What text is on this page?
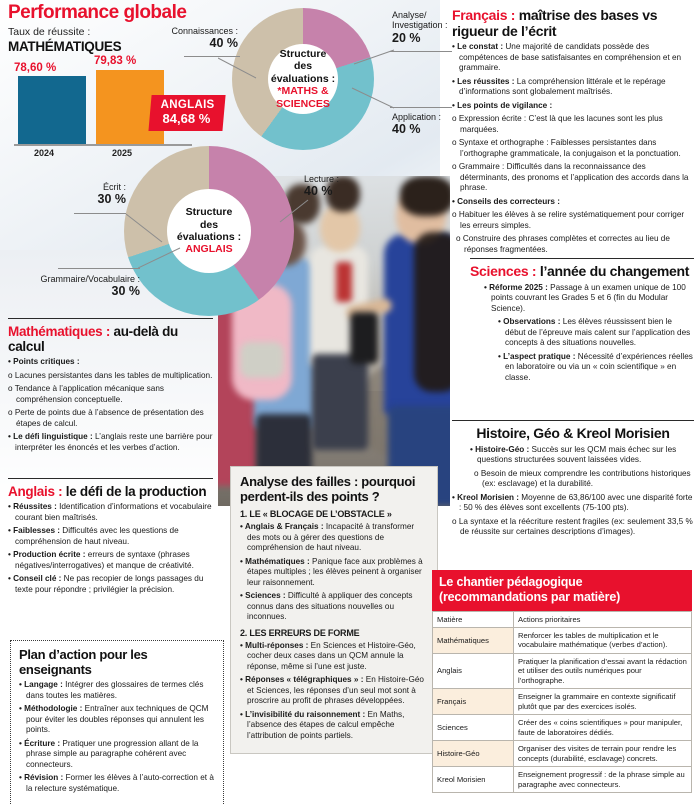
Performance globale
Taux de réussite :
MATHÉMATIQUES
78,60 %
79,83 %
2024	2025
ANGLAIS
84,68 %
Structure
des
évaluations :
*MATHS & SCIENCES
Connaissances :
40 %
Analyse/
Investigation :
20 %
Application :
40 %
Structure
des
évaluations :
ANGLAIS
Écrit :
30 %
Lecture :
40 %
Grammaire/Vocabulaire :
30 %
Mathématiques : au-delà du calcul

• Points critiques :

o Lacunes persistantes dans les tables de multiplication.

o Tendance à l’application mécanique sans compréhension conceptuelle.

o Perte de points due à l’absence de présentation des étapes de calcul.

• Le défi linguistique : L’anglais reste une barrière pour interpréter les énoncés et les verbes d’action.

Anglais : le défi de la production

• Réussites : Identification d’informations et vocabulaire courant bien maîtrisés.

• Faiblesses : Difficultés avec les questions de compréhension de haut niveau.

• Production écrite : erreurs de syntaxe (phrases négatives/interrogatives) et manque de créativité.

• Conseil clé : Ne pas recopier de longs passages du texte pour répondre ; privilégier la précision.

Plan d’action pour les enseignants

• Langage : Intégrer des glossaires de termes clés dans toutes les matières.

• Méthodologie : Entraîner aux techniques de QCM pour éviter les doubles réponses qui annulent les points.

• Écriture : Pratiquer une progression allant de la phrase simple au paragraphe cohérent avec connecteurs.

• Révision : Former les élèves à l’auto-correction et à la relecture systématique.

Analyse des failles : pourquoi perdent-ils des points ?
1. LE « BLOCAGE DE L’OBSTACLE »

• Anglais & Français : Incapacité à transformer des mots ou à gérer des questions de compréhension de haut niveau.

• Mathématiques : Panique face aux problèmes à étapes multiples ; les élèves peinent à organiser leur raisonnement.

• Sciences : Difficulté à appliquer des concepts connus dans des situations nouvelles ou inconnues.

2. LES ERREURS DE FORME

• Multi-réponses : En Sciences et Histoire-Géo, cocher deux cases dans un QCM annule la réponse, même si l’une est juste.

• Réponses « télégraphiques » : En Histoire-Géo et Sciences, les réponses d’un seul mot sont à proscrire au profit de phrases développées.

• L’invisibilité du raisonnement : En Maths, l’absence des étapes de calcul empêche l’attribution de points partiels.

Français : maîtrise des bases vs rigueur de l’écrit

• Le constat : Une majorité de candidats possède des compétences de base satisfaisantes en compréhension et en grammaire.

• Les réussites : La compréhension littérale et le repérage d’informations sont globalement maîtrisés.

• Les points de vigilance :

o Expression écrite : C’est là que les lacunes sont les plus marquées.

o Syntaxe et orthographe : Faiblesses persistantes dans l’orthographe grammaticale, la conjugaison et la ponctuation.

o Grammaire : Difficultés dans la reconnaissance des déterminants, des pronoms et l’application des accords dans la phrase.

• Conseils des correcteurs :

o Habituer les élèves à se relire systématiquement pour corriger les erreurs simples.

o Construire des phrases complètes et correctes au lieu de réponses fragmentées.

Sciences : l’année du changement

• Réforme 2025 : Passage à un examen unique de 100 points couvrant les Grades 5 et 6 (fin du Modular Science).

• Observations : Les élèves réussissent bien le début de l’épreuve mais calent sur l’application des concepts à des situations nouvelles.

• L’aspect pratique : Nécessité d’expériences réelles en laboratoire ou via un « coin scientifique » en classe.

Histoire, Géo & Kreol Morisien

• Histoire-Géo : Succès sur les QCM mais échec sur les questions structurées souvent laissées vides.

o Besoin de mieux comprendre les contributions historiques (ex: esclavage) et la durabilité.

• Kreol Morisien : Moyenne de 63,86/100 avec une disparité forte : 50 % des élèves sont excellents (75-100 pts).

o La syntaxe et la réécriture restent fragiles (ex: seulement 33,5 % de réussite sur certaines descriptions d’images).

Le chantier pédagogique
(recommandations par matière)
Matière	Actions prioritaires
Mathématiques	Renforcer les tables de multiplication et le vocabulaire mathématique (verbes d’action).
Anglais	Pratiquer la planification d’essai avant la rédaction et utiliser des outils numériques pour l’orthographe.
Français	Enseigner la grammaire en contexte significatif plutôt que par des exercices isolés.
Sciences	Créer des « coins scientifiques » pour manipuler, faute de laboratoires dédiés.
Histoire-Géo	Organiser des visites de terrain pour rendre les concepts (durabilité, esclavage) concrets.
Kreol Morisien	Enseignement progressif : de la phrase simple au paragraphe avec connecteurs.
